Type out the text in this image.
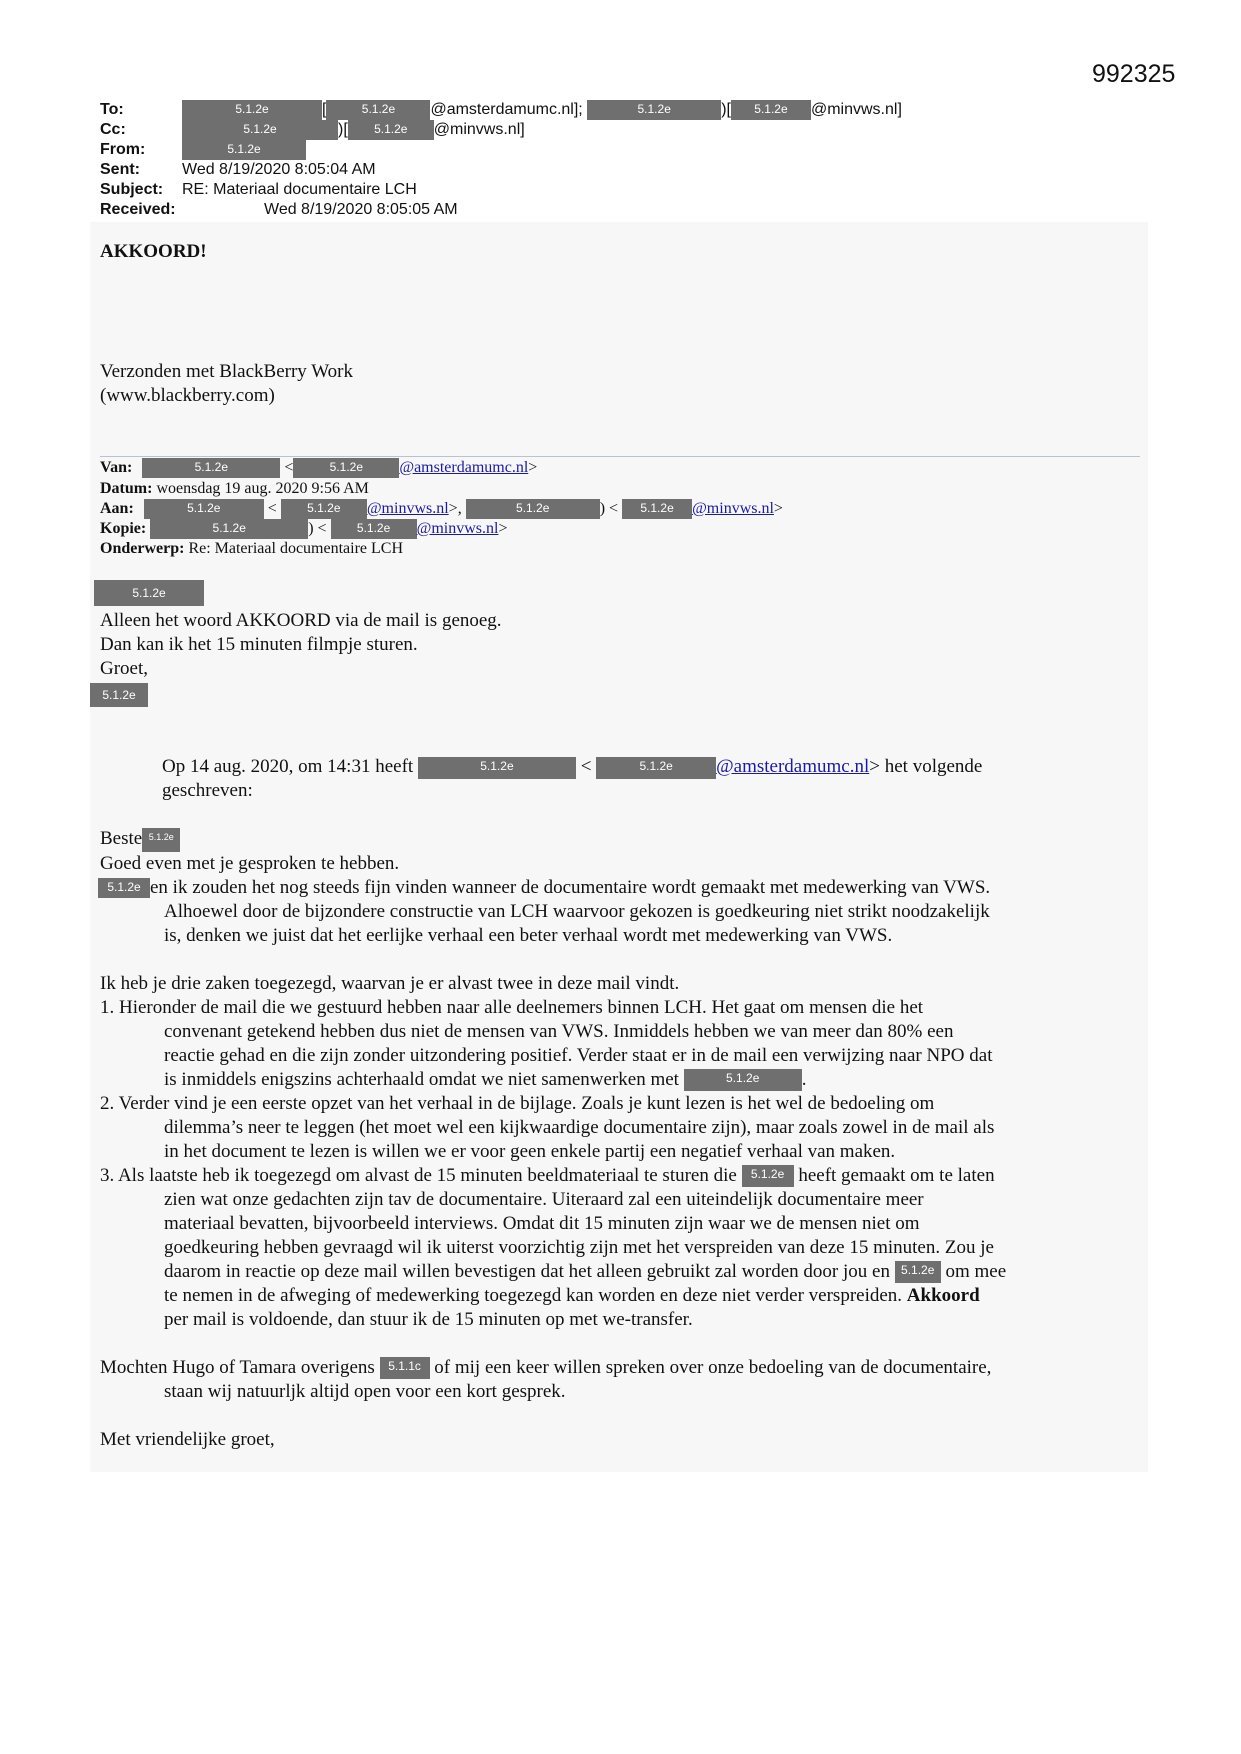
992325
To:	5.1.2e	[	5.1.2e @amsterdamumc.nl];	5.1.2e	)[ 5.1.2e @minvws.nl]
Cc:	5.1.2e	)[ 5.1.2e @minvws.nl]
From:	5.1.2e
Sent:	Wed 8/19/2020 8:05:04 AM
Subject: RE: Materiaal documentaire LCH
Received:	Wed 8/19/2020 8:05:05 AM
AKKOORD!
Verzonden met BlackBerry Work
(www.blackberry.com)
Van:	5.1.2e	<	5.1.2e @amsterdamumc.nl>
Datum: woensdag 19 aug. 2020 9:56 AM
Aan:	5.1.2e	< 5.1.2e @minvws.nl>,	5.1.2e	) < 5.1.2e @minvws.nl>
Kopie:	5.1.2e	) < 5.1.2e @minvws.nl>
Onderwerp: Re: Materiaal documentaire LCH
5.1.2e
Alleen het woord AKKOORD via de mail is genoeg.
Dan kan ik het 15 minuten filmpje sturen.
Groet,
5.1.2e
Op 14 aug. 2020, om 14:31 heeft	5.1.2e	<	5.1.2e @amsterdamumc.nl> het volgende
geschreven:
Beste 5.1.2e
Goed even met je gesproken te hebben.
5.1.2e en ik zouden het nog steeds fijn vinden wanneer de documentaire wordt gemaakt met medewerking van VWS.
Alhoewel door de bijzondere constructie van LCH waarvoor gekozen is goedkeuring niet strikt noodzakelijk
is, denken we juist dat het eerlijke verhaal een beter verhaal wordt met medewerking van VWS.
Ik heb je drie zaken toegezegd, waarvan je er alvast twee in deze mail vindt.
1. Hieronder de mail die we gestuurd hebben naar alle deelnemers binnen LCH. Het gaat om mensen die het
convenant getekend hebben dus niet de mensen van VWS. Inmiddels hebben we van meer dan 80% een
reactie gehad en die zijn zonder uitzondering positief. Verder staat er in de mail een verwijzing naar NPO dat
is inmiddels enigszins achterhaald omdat we niet samenwerken met	5.1.2e .
2. Verder vind je een eerste opzet van het verhaal in de bijlage. Zoals je kunt lezen is het wel de bedoeling om
dilemma’s neer te leggen (het moet wel een kijkwaardige documentaire zijn), maar zoals zowel in de mail als
in het document te lezen is willen we er voor geen enkele partij een negatief verhaal van maken.
3. Als laatste heb ik toegezegd om alvast de 15 minuten beeldmateriaal te sturen die 5.1.2e heeft gemaakt om te laten
zien wat onze gedachten zijn tav de documentaire. Uiteraard zal een uiteindelijk documentaire meer
materiaal bevatten, bijvoorbeeld interviews. Omdat dit 15 minuten zijn waar we de mensen niet om
goedkeuring hebben gevraagd wil ik uiterst voorzichtig zijn met het verspreiden van deze 15 minuten. Zou je
daarom in reactie op deze mail willen bevestigen dat het alleen gebruikt zal worden door jou en 5.1.2e om mee
te nemen in de afweging of medewerking toegezegd kan worden en deze niet verder verspreiden. Akkoord
per mail is voldoende, dan stuur ik de 15 minuten op met we-transfer.
Mochten Hugo of Tamara overigens 5.1.1c of mij een keer willen spreken over onze bedoeling van de documentaire,
staan wij natuurljk altijd open voor een kort gesprek.
Met vriendelijke groet,
